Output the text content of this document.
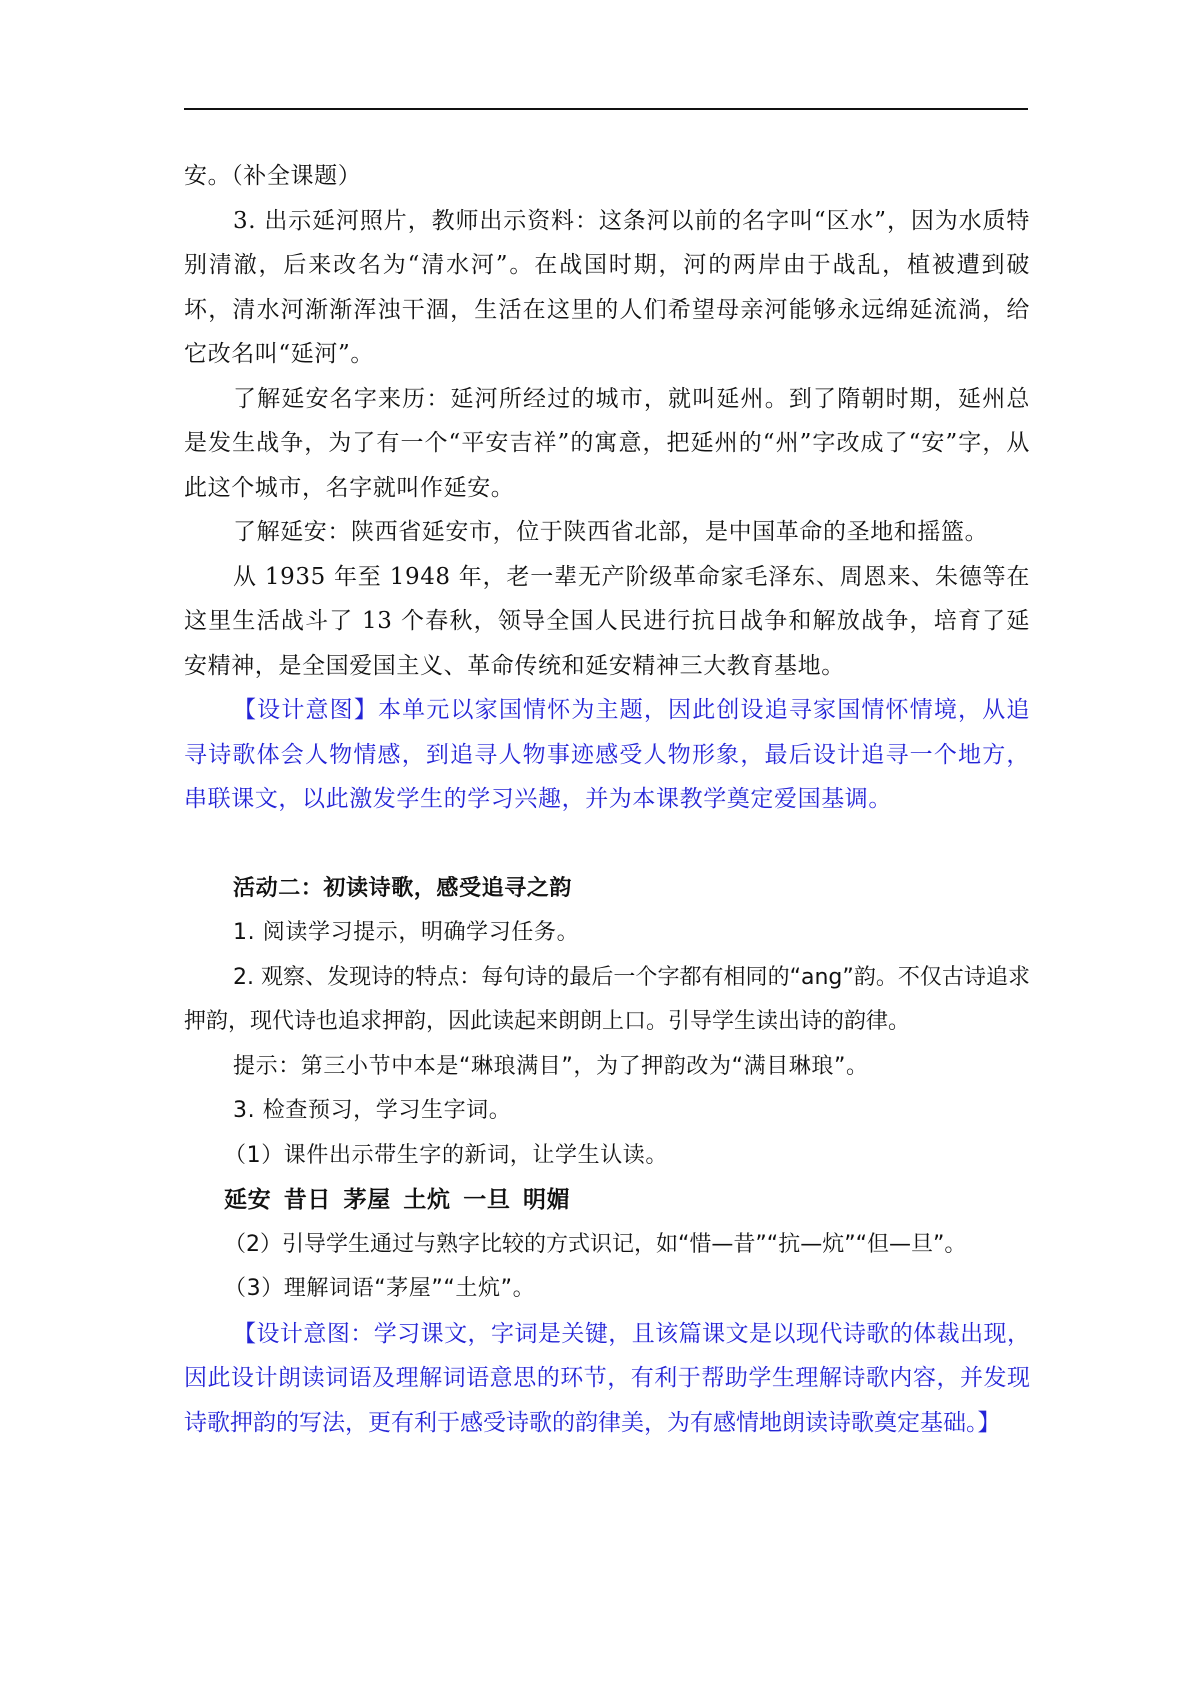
安。（补全课题）

3. 出示延河照片，教师出示资料：这条河以前的名字叫“区水”，因为水质特别清澈，后来改名为“清水河”。在战国时期，河的两岸由于战乱，植被遭到破坏，清水河渐渐浑浊干涸，生活在这里的人们希望母亲河能够永远绵延流淌，给它改名叫“延河”。

了解延安名字来历：延河所经过的城市，就叫延州。到了隋朝时期，延州总是发生战争，为了有一个“平安吉祥”的寓意，把延州的“州”字改成了“安”字，从此这个城市，名字就叫作延安。

了解延安：陕西省延安市，位于陕西省北部，是中国革命的圣地和摇篮。

从 1935 年至 1948 年，老一辈无产阶级革命家毛泽东、周恩来、朱德等在这里生活战斗了 13 个春秋，领导全国人民进行抗日战争和解放战争，培育了延安精神，是全国爱国主义、革命传统和延安精神三大教育基地。

【设计意图】本单元以家国情怀为主题，因此创设追寻家国情怀情境，从追寻诗歌体会人物情感，到追寻人物事迹感受人物形象，最后设计追寻一个地方，串联课文，以此激发学生的学习兴趣，并为本课教学奠定爱国基调。

活动二：初读诗歌，感受追寻之韵

1. 阅读学习提示，明确学习任务。

2. 观察、发现诗的特点：每句诗的最后一个字都有相同的“ang”韵。不仅古诗追求押韵，现代诗也追求押韵，因此读起来朗朗上口。引导学生读出诗的韵律。

提示：第三小节中本是“琳琅满目”，为了押韵改为“满目琳琅”。

3. 检查预习，学习生字词。

（1）课件出示带生字的新词，让学生认读。

延安 昔日 茅屋 土炕 一旦 明媚

（2）引导学生通过与熟字比较的方式识记，如“惜—昔”“抗—炕”“但—旦”。

（3）理解词语“茅屋”“土炕”。

【设计意图：学习课文，字词是关键，且该篇课文是以现代诗歌的体裁出现，因此设计朗读词语及理解词语意思的环节，有利于帮助学生理解诗歌内容，并发现诗歌押韵的写法，更有利于感受诗歌的韵律美，为有感情地朗读诗歌奠定基础。】
